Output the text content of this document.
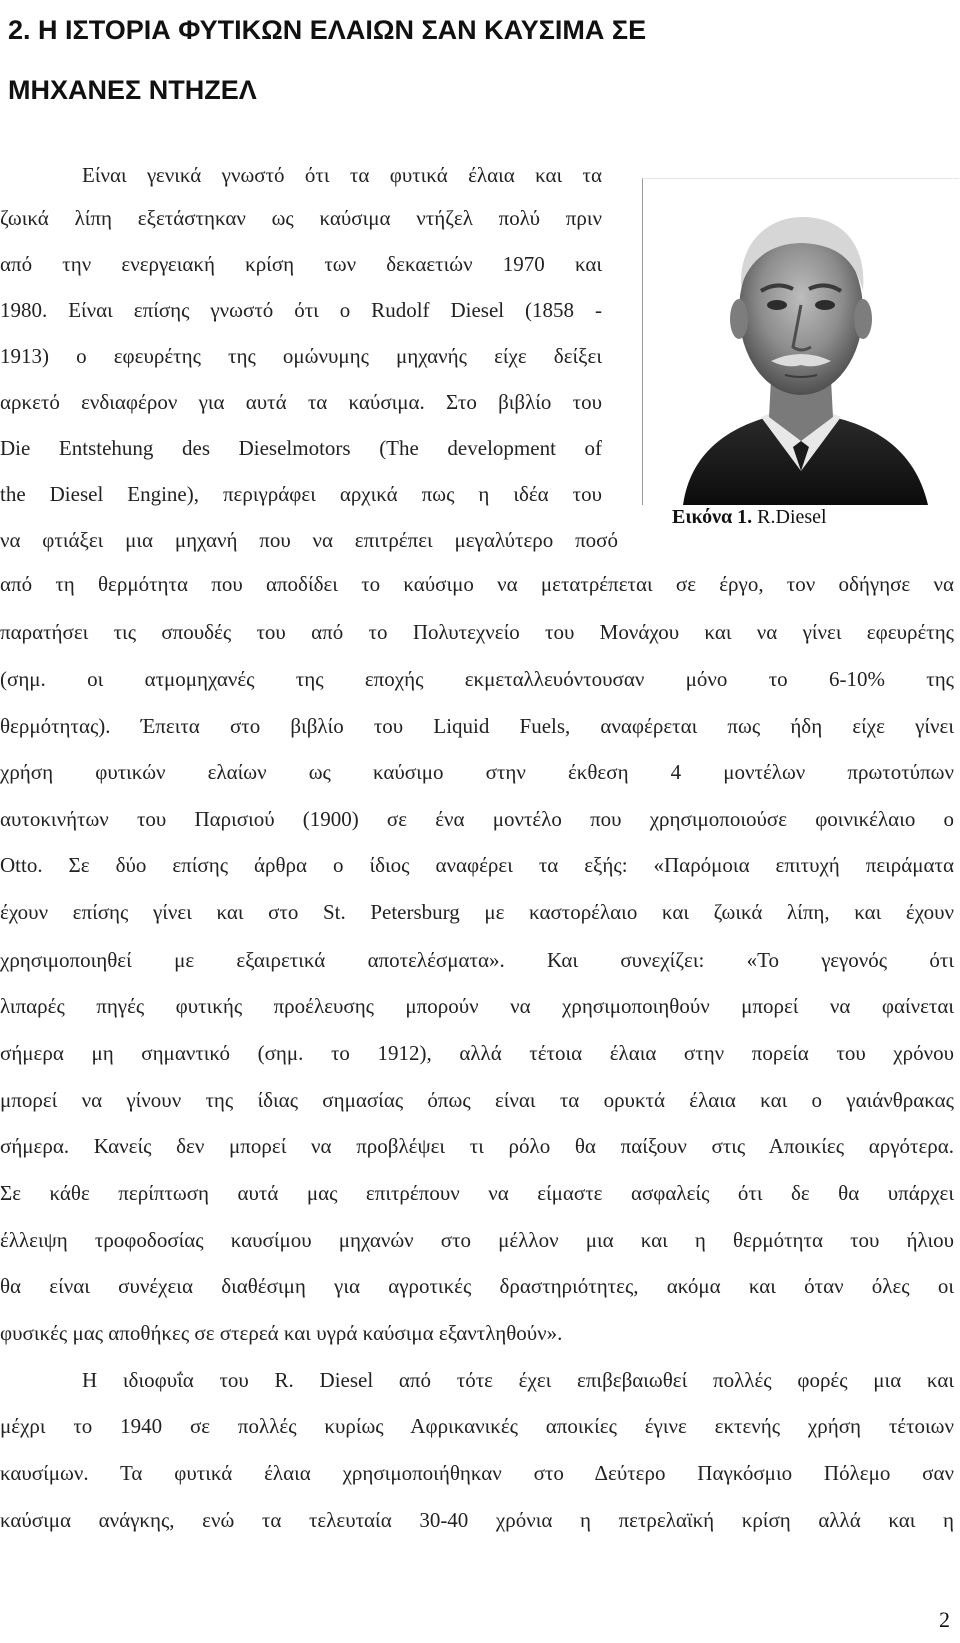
2. Η ΙΣΤΟΡΙΑ ΦΥΤΙΚΩΝ ΕΛΑΙΩΝ ΣΑΝ ΚΑΥΣΙΜΑ ΣΕ
ΜΗΧΑΝΕΣ ΝΤΗΖΕΛ

Είναι γενικά γνωστό ότι τα φυτικά έλαια και τα

ζωικά λίπη εξετάστηκαν ως καύσιμα ντήζελ πολύ πριν

από την ενεργειακή κρίση των δεκαετιών 1970 και

1980. Είναι επίσης γνωστό ότι ο Rudolf Diesel (1858 -

1913) ο εφευρέτης της ομώνυμης μηχανής είχε δείξει

αρκετό ενδιαφέρον για αυτά τα καύσιμα. Στο βιβλίο του

Die Entstehung des Dieselmotors (The development of

the Diesel Engine), περιγράφει αρχικά πως η ιδέα του

να φτιάξει μια μηχανή που να επιτρέπει μεγαλύτερο ποσό

από τη θερμότητα που αποδίδει το καύσιμο να μετατρέπεται σε έργο, τον οδήγησε να

παρατήσει τις σπουδές του από το Πολυτεχνείο του Μονάχου και να γίνει εφευρέτης

(σημ. οι ατμομηχανές της εποχής εκμεταλλευόντουσαν μόνο το 6-10% της

θερμότητας). Έπειτα στο βιβλίο του Liquid Fuels, αναφέρεται πως ήδη είχε γίνει

χρήση φυτικών ελαίων ως καύσιμο στην έκθεση 4 μοντέλων πρωτοτύπων

αυτοκινήτων του Παρισιού (1900) σε ένα μοντέλο που χρησιμοποιούσε φοινικέλαιο ο

Otto. Σε δύο επίσης άρθρα ο ίδιος αναφέρει τα εξής: «Παρόμοια επιτυχή πειράματα

έχουν επίσης γίνει και στο St. Petersburg με καστορέλαιο και ζωικά λίπη, και έχουν

χρησιμοποιηθεί με εξαιρετικά αποτελέσματα». Και συνεχίζει: «Το γεγονός ότι

λιπαρές πηγές φυτικής προέλευσης μπορούν να χρησιμοποιηθούν μπορεί να φαίνεται

σήμερα μη σημαντικό (σημ. το 1912), αλλά τέτοια έλαια στην πορεία του χρόνου

μπορεί να γίνουν της ίδιας σημασίας όπως είναι τα ορυκτά έλαια και ο γαιάνθρακας

σήμερα. Κανείς δεν μπορεί να προβλέψει τι ρόλο θα παίξουν στις Αποικίες αργότερα.

Σε κάθε περίπτωση αυτά μας επιτρέπουν να είμαστε ασφαλείς ότι δε θα υπάρχει

έλλειψη τροφοδοσίας καυσίμου μηχανών στο μέλλον μια και η θερμότητα του ήλιου

θα είναι συνέχεια διαθέσιμη για αγροτικές δραστηριότητες, ακόμα και όταν όλες οι

φυσικές μας αποθήκες σε στερεά και υγρά καύσιμα εξαντληθούν».

Η ιδιοφυΐα του R. Diesel από τότε έχει επιβεβαιωθεί πολλές φορές μια και

μέχρι το 1940 σε πολλές κυρίως Αφρικανικές αποικίες έγινε εκτενής χρήση τέτοιων

καυσίμων. Τα φυτικά έλαια χρησιμοποιήθηκαν στο Δεύτερο Παγκόσμιο Πόλεμο σαν

καύσιμα ανάγκης, ενώ τα τελευταία 30-40 χρόνια η πετρελαϊκή κρίση αλλά και η

Εικόνα 1. R.Diesel

2
